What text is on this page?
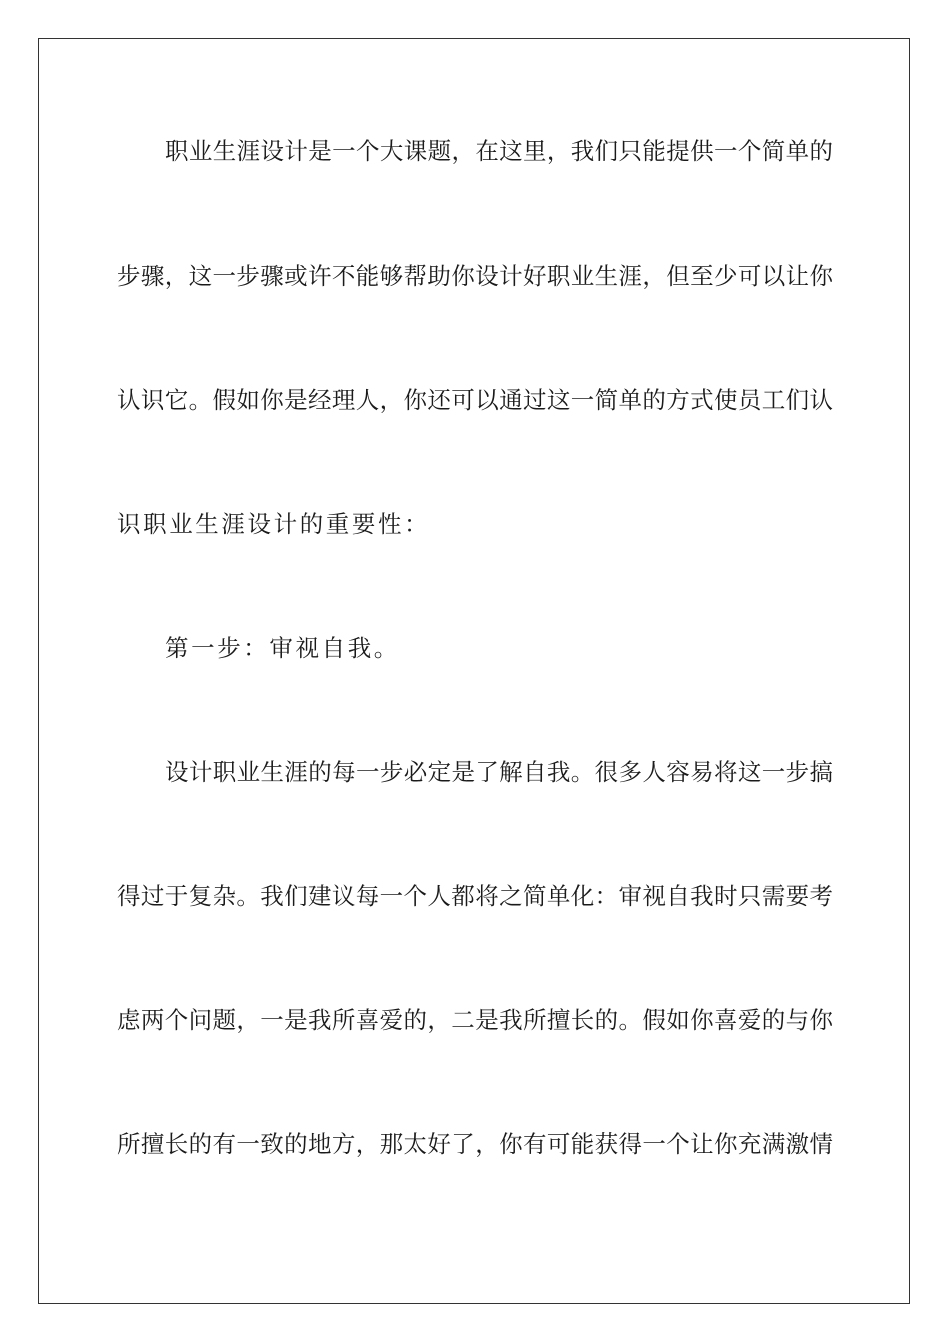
职业生涯设计是一个大课题，在这里，我们只能提供一个简单的
步骤，这一步骤或许不能够帮助你设计好职业生涯，但至少可以让你
认识它。假如你是经理人，你还可以通过这一简单的方式使员工们认
识职业生涯设计的重要性：
第一步：审视自我。
设计职业生涯的每一步必定是了解自我。很多人容易将这一步搞
得过于复杂。我们建议每一个人都将之简单化：审视自我时只需要考
虑两个问题，一是我所喜爱的，二是我所擅长的。假如你喜爱的与你
所擅长的有一致的地方，那太好了，你有可能获得一个让你充满激情
